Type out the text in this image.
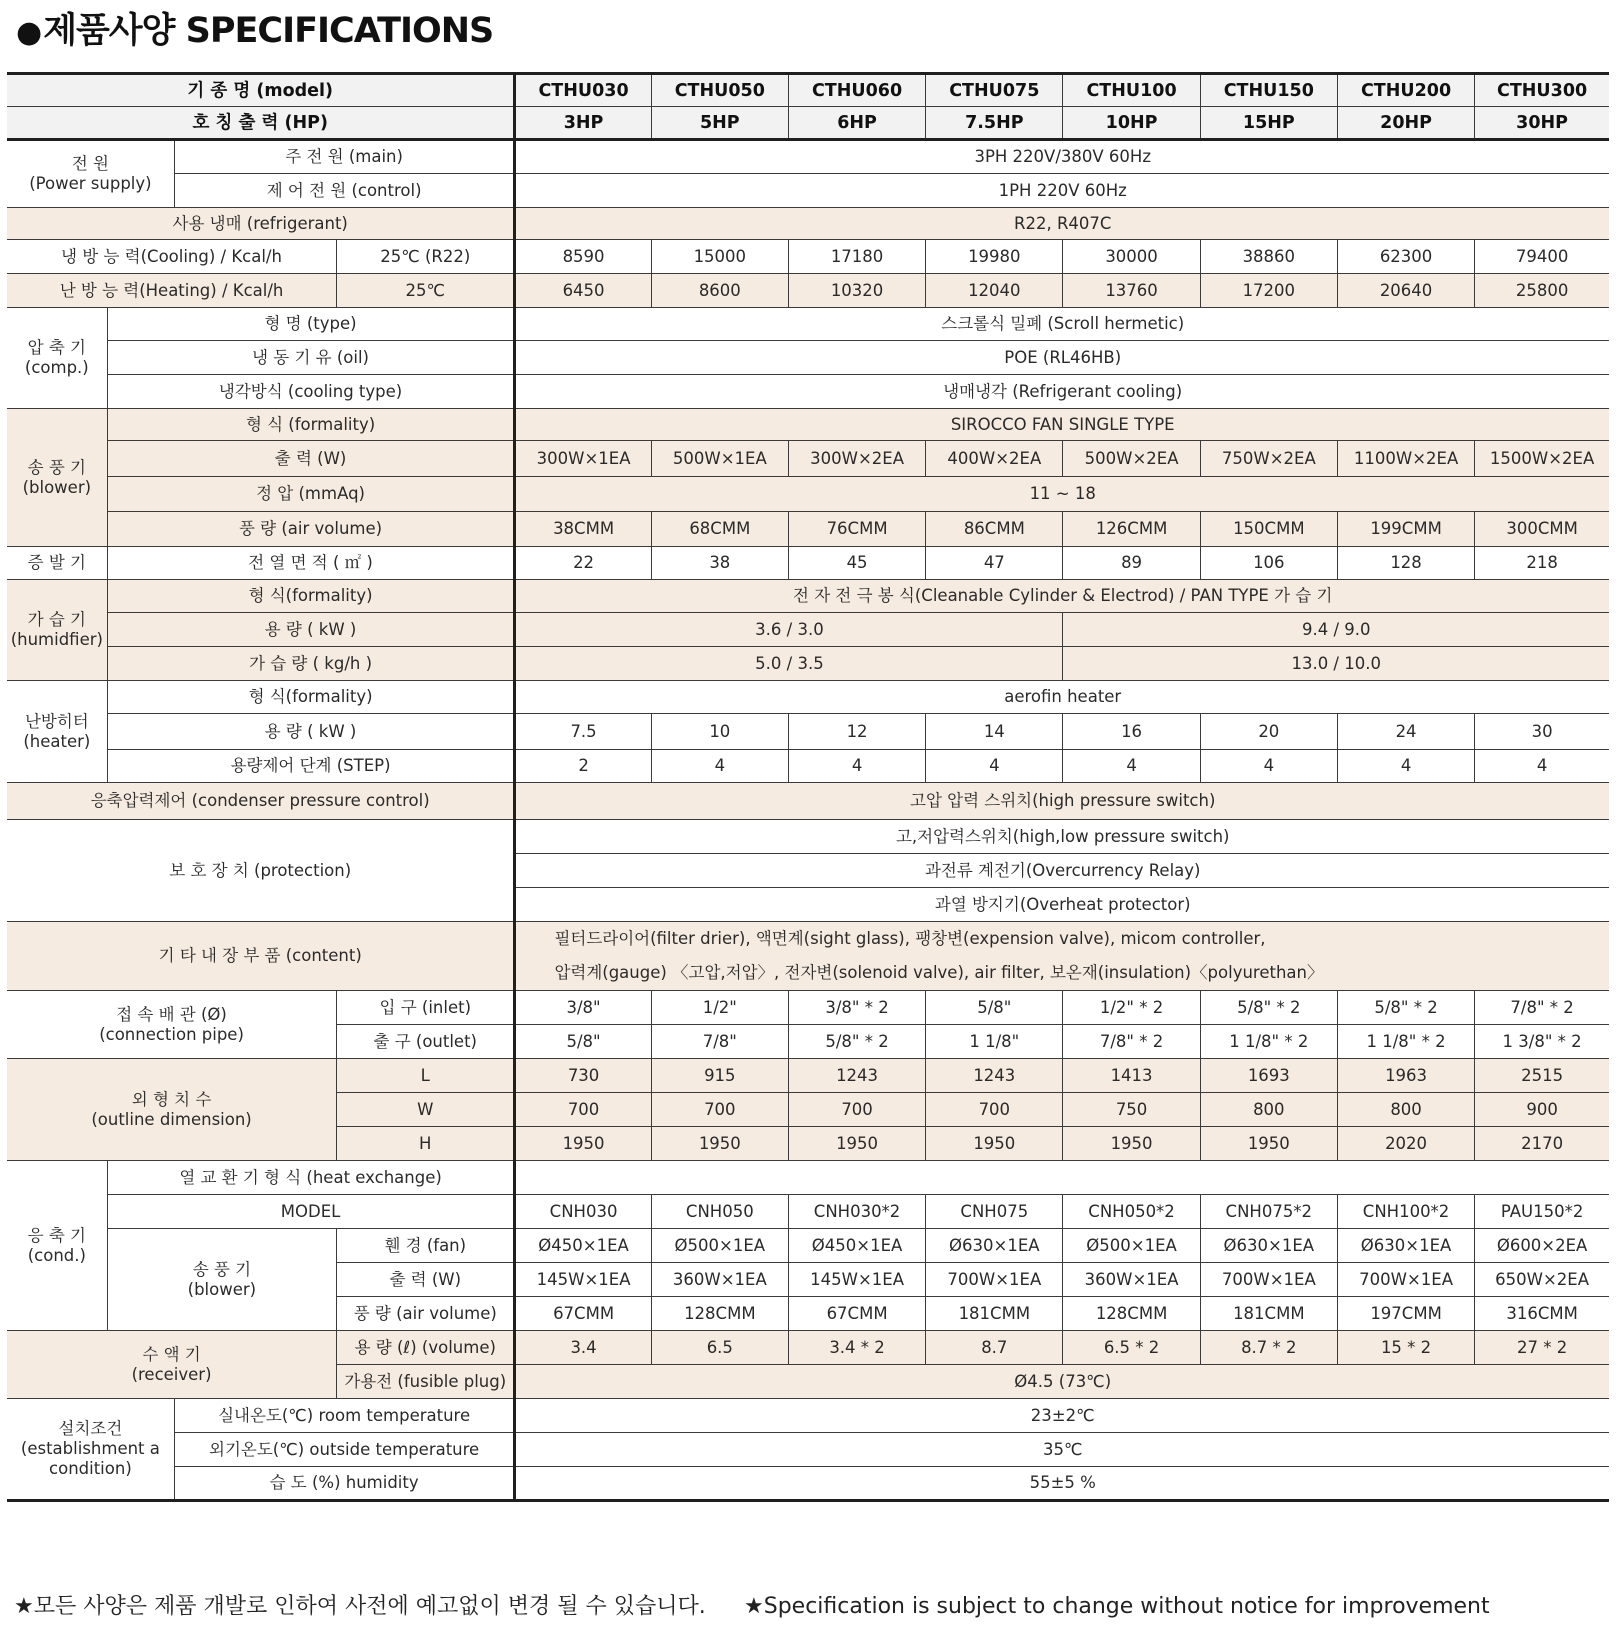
●제품사양 SPECIFICATIONS
기 종 명 (model)				CTHU030	CTHU050	CTHU060	CTHU075	CTHU100	CTHU150	CTHU200	CTHU300
호 칭 출 력 (HP)				3HP	5HP	6HP	7.5HP	10HP	15HP	20HP	30HP
전 원
(Power supply)		주 전 원 (main)		3PH 220V/380V 60Hz							
		제 어 전 원 (control)		1PH 220V 60Hz							
사용 냉매 (refrigerant)				R22, R407C							
냉 방 능 력(Cooling) / Kcal/h			25℃ (R22)	8590	15000	17180	19980	30000	38860	62300	79400
난 방 능 력(Heating) / Kcal/h			25℃	6450	8600	10320	12040	13760	17200	20640	25800
압 축 기
(comp.)	형 명 (type)			스크롤식 밀폐 (Scroll hermetic)							
	냉 동 기 유 (oil)			POE (RL46HB)							
	냉각방식 (cooling type)			냉매냉각 (Refrigerant cooling)							
송 풍 기
(blower)	형 식 (formality)			SIROCCO FAN SINGLE TYPE							
	출 력 (W)			300W×1EA	500W×1EA	300W×2EA	400W×2EA	500W×2EA	750W×2EA	1100W×2EA	1500W×2EA
	정 압 (mmAq)			11 ~ 18							
	풍 량 (air volume)			38CMM	68CMM	76CMM	86CMM	126CMM	150CMM	199CMM	300CMM
증 발 기	전 열 면 적 ( ㎡ )			22	38	45	47	89	106	128	218
가 습 기
(humidfier)	형 식(formality)			전 자 전 극 봉 식(Cleanable Cylinder & Electrod) / PAN TYPE 가 습 기							
	용 량 ( kW )			3.6 / 3.0				9.4 / 9.0			
	가 습 량 ( kg/h )			5.0 / 3.5				13.0 / 10.0			
난방히터
(heater)	형 식(formality)			aerofin heater							
	용 량 ( kW )			7.5	10	12	14	16	20	24	30
	용량제어 단계 (STEP)			2	4	4	4	4	4	4	4
응축압력제어 (condenser pressure control)				고압 압력 스위치(high pressure switch)							
보 호 장 치 (protection)				고,저압력스위치(high,low pressure switch)							
				과전류 계전기(Overcurrency Relay)							
				과열 방지기(Overheat protector)							
기 타 내 장 부 품 (content)				필터드라이어(filter drier), 액면계(sight glass), 팽창변(expension valve), micom controller,
압력계(gauge) 〈고압,저압〉, 전자변(solenoid valve), air filter, 보온재(insulation)〈polyurethan〉							

접 속 배 관 (Ø)
(connection pipe)			입 구 (inlet)	3/8"	1/2"	3/8" * 2	5/8"	1/2" * 2	5/8" * 2	5/8" * 2	7/8" * 2
			출 구 (outlet)	5/8"	7/8"	5/8" * 2	1 1/8"	7/8" * 2	1 1/8" * 2	1 1/8" * 2	1 3/8" * 2
외 형 치 수
(outline dimension)			L	730	915	1243	1243	1413	1693	1963	2515
			W	700	700	700	700	750	800	800	900
			H	1950	1950	1950	1950	1950	1950	2020	2170
응 축 기
(cond.)	열 교 환 기 형 식 (heat exchange)										
	MODEL			CNH030	CNH050	CNH030*2	CNH075	CNH050*2	CNH075*2	CNH100*2	PAU150*2
	송 풍 기
(blower)		휀 경 (fan)	Ø450×1EA	Ø500×1EA	Ø450×1EA	Ø630×1EA	Ø500×1EA	Ø630×1EA	Ø630×1EA	Ø600×2EA
			출 력 (W)	145W×1EA	360W×1EA	145W×1EA	700W×1EA	360W×1EA	700W×1EA	700W×1EA	650W×2EA
			풍 량 (air volume)	67CMM	128CMM	67CMM	181CMM	128CMM	181CMM	197CMM	316CMM
수 액 기
(receiver)			용 량 (ℓ) (volume)	3.4	6.5	3.4 * 2	8.7	6.5 * 2	8.7 * 2	15 * 2	27 * 2
			가용전 (fusible plug)	Ø4.5 (73℃)							
설치조건
(establishment a
condition)		실내온도(℃) room temperature		23±2℃							
		외기온도(℃) outside temperature		35℃							
		습 도 (%) humidity		55±5 %							
★모든 사양은 제품 개발로 인하여 사전에 예고없이 변경 될 수 있습니다. ★Specification is subject to change without notice for improvement
